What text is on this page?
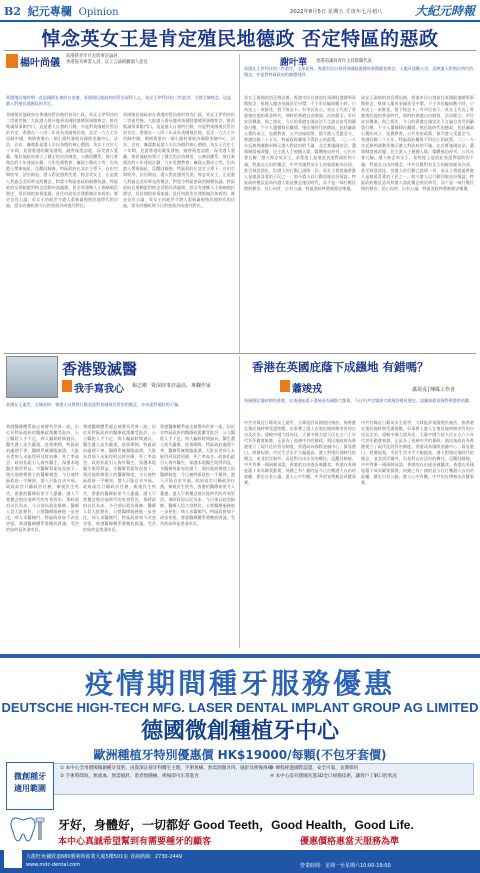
B2 紀元專欄 Opinion	2022年8月5日 星期五 壬寅年七月初八	大紀元時報
悼念英女王是肯定殖民地德政 否定特區的惡政
楊叶尚儀
前港新青年社長時事評論員，
香港報刊專業人員，以上言論純屬個人意見	謝叶華 香港前議員青年主持新聞代表
香港殖民地時期一直是國際社會的自由港，英國殖民地政府的管治深得人心，英女王伊利沙伯二世逝世，引發全城悼念，這是港人對殖民地德政的肯定。
英國殖民地政府在香港的管治被形容為仁政，英女王伊利沙伯二世逝世後，大批港人排長龍到英國駐港總領事館悼念，鮮花堆滿領事館門口，這是港人自發的行動，亦是對英國殖民管治的肯定。香港在一八四二年成為英國殖民地，直至一九九七年回歸中國，期間香港由一個小漁村發展為國際金融中心，法治、自由、廉潔都是港人引以為傲的核心價值。英女王在位七十年間，見證香港的繁榮發展，她曾兩度訪港，深受港人愛戴。殖民地政府建立了健全的法治制度、公務員體系，推行麥理浩的十年建屋計劃、九年免費教育、廉政公署成立等，均為港人帶來福祉。反觀回歸後，特區政府在北京主導下，自由空間收窄，法治倒退，港人對此感到失望。悼念英女王，正是港人對過去美好時光的懷念，對當今特區惡政的無聲抗議。特區政府及建制派對悼念活動冷淡處理，甚至有建制人士指摘殖民歷史，但民間的真情流露，是任何政治宣傳都無法抹殺的。歷史自有公論，英女王的逝世令港人重新審視殖民地時代的功過，當年的德政與今日的惡政形成強烈對比。
英國殖民地政府在香港的管治被形容為仁政，英女王伊利沙伯二世逝世後，大批港人排長龍到英國駐港總領事館悼念，鮮花堆滿領事館門口，這是港人自發的行動，亦是對英國殖民管治的肯定。香港在一八四二年成為英國殖民地，直至一九九七年回歸中國，期間香港由一個小漁村發展為國際金融中心，法治、自由、廉潔都是港人引以為傲的核心價值。英女王在位七十年間，見證香港的繁榮發展，她曾兩度訪港，深受港人愛戴。殖民地政府建立了健全的法治制度、公務員體系，推行麥理浩的十年建屋計劃、九年免費教育、廉政公署成立等，均為港人帶來福祉。反觀回歸後，特區政府在北京主導下，自由空間收窄，法治倒退，港人對此感到失望。悼念英女王，正是港人對過去美好時光的懷念，對當今特區惡政的無聲抗議。特區政府及建制派對悼念活動冷淡處理，甚至有建制人士指摘殖民歷史，但民間的真情流露，是任何政治宣傳都無法抹殺的。歷史自有公論，英女王的逝世令港人重新審視殖民地時代的功過，當年的德政與今日的惡政形成強烈對比。
英國女王伊利沙伯二世逝世，全球哀悼，香港市民自發到英國駐港總領事館獻花悼念，人龍長達數公里，反映港人對殖民時代的懷念，亦是對特區政府的無聲批評。
英女王駕崩的消息傳出後，香港市民自發前往英國駐港總領事館悼念，排隊人龍由金鐘延至中環，不少市民輪候數小時，只為送上一束鮮花，寫下悼念卡。有市民表示，英女王代表了香港殖民地的黃金時代，那時的香港自由開放，法治健全，市民安居樂業。與之相比，今日的香港在國安法下言論自由受到嚴重打壓，不少人選擇移民離開。殖民地時代的德政，包括廉政公署的成立、免費教育、公共房屋政策，都令港人受惠至今。香港回歸二十五年，特區政府屢推不得民心的政策，二〇一九年反修例運動更揭示港人對政府的不滿。北京實施國安法，選舉制度被改變，民主派人士被捕入獄，媒體被迫停刊，公民社會瓦解。港人悼念英女王，某程度上是借此表達對現狀的不滿，對過去自由的懷念。中共官媒對英女王的報道極為冷淡，甚至刻意淡化，但港人的行動已說明一切。英女王曾說過香港人是她最喜愛的子民之一，如今港人以行動回報這份情誼。特區政府應反思為何港人如此懷念殖民時代，而不是一味打壓民間的聲音。民心向背，自有公論，特區惡政終將被歷史唾棄。
英女王駕崩的消息傳出後，香港市民自發前往英國駐港總領事館悼念，排隊人龍由金鐘延至中環，不少市民輪候數小時，只為送上一束鮮花，寫下悼念卡。有市民表示，英女王代表了香港殖民地的黃金時代，那時的香港自由開放，法治健全，市民安居樂業。與之相比，今日的香港在國安法下言論自由受到嚴重打壓，不少人選擇移民離開。殖民地時代的德政，包括廉政公署的成立、免費教育、公共房屋政策，都令港人受惠至今。香港回歸二十五年，特區政府屢推不得民心的政策，二〇一九年反修例運動更揭示港人對政府的不滿。北京實施國安法，選舉制度被改變，民主派人士被捕入獄，媒體被迫停刊，公民社會瓦解。港人悼念英女王，某程度上是借此表達對現狀的不滿，對過去自由的懷念。中共官媒對英女王的報道極為冷淡，甚至刻意淡化，但港人的行動已說明一切。英女王曾說過香港人是她最喜愛的子民之一，如今港人以行動回報這份情誼。特區政府應反思為何港人如此懷念殖民時代，而不是一味打壓民間的聲音。民心向背，自有公論，特區惡政終將被歷史唾棄。
香港毀滅醫
我手寫我心 楊志剛 資深時事評論員、專欄作家
英國女王逝世，全城哀悼，香港人以實際行動表達對英國殖民管治的懷念，亦表達對現狀的不滿。
香港醫療體系過去被譽為世界一流，但近年特區政府的醫療政策屢受批評，公立醫院人手不足，病人輪候時間過長，醫生護士流失嚴重。疫情期間，特區政府處理不善，醫療系統瀕臨崩潰，大批長者病人未能得到及時治療，死亡率高企。政府拒絕引入海外醫生，保護本地醫生既得利益，令醫療質素每況愈下。殖民地時期建立的醫療制度，今日被特區政府一手摧毀，港人只能自求多福。政府高官只顧政治任務，無視民生疾苦，香港的醫療前景令人憂慮。港人不禁懷念殖民地時代的有效管治，那時政府以民為本，今日卻以政治掛帥。醫療人員大批移民，公營醫療服務進一步惡化，病人求醫無門。特區政府如不改弦更張，香港醫療體系將徹底毀滅，受苦的始終是普通市民。
香港醫療體系過去被譽為世界一流，但近年特區政府的醫療政策屢受批評，公立醫院人手不足，病人輪候時間過長，醫生護士流失嚴重。疫情期間，特區政府處理不善，醫療系統瀕臨崩潰，大批長者病人未能得到及時治療，死亡率高企。政府拒絕引入海外醫生，保護本地醫生既得利益，令醫療質素每況愈下。殖民地時期建立的醫療制度，今日被特區政府一手摧毀，港人只能自求多福。政府高官只顧政治任務，無視民生疾苦，香港的醫療前景令人憂慮。港人不禁懷念殖民地時代的有效管治，那時政府以民為本，今日卻以政治掛帥。醫療人員大批移民，公營醫療服務進一步惡化，病人求醫無門。特區政府如不改弦更張，香港醫療體系將徹底毀滅，受苦的始終是普通市民。
香港醫療體系過去被譽為世界一流，但近年特區政府的醫療政策屢受批評，公立醫院人手不足，病人輪候時間過長，醫生護士流失嚴重。疫情期間，特區政府處理不善，醫療系統瀕臨崩潰，大批長者病人未能得到及時治療，死亡率高企。政府拒絕引入海外醫生，保護本地醫生既得利益，令醫療質素每況愈下。殖民地時期建立的醫療制度，今日被特區政府一手摧毀，港人只能自求多福。政府高官只顧政治任務，無視民生疾苦，香港的醫療前景令人憂慮。港人不禁懷念殖民地時代的有效管治，那時政府以民為本，今日卻以政治掛帥。醫療人員大批移民，公營醫療服務進一步惡化，病人求醫無門。特區政府如不改弦更張，香港醫療體系將徹底毀滅，受苦的始終是普通市民。
香港在英國庇蔭下成繦地 有錯嗎？
蕭竣戎	蕭竣戎│傳媒工作者
英國殖民地時期的香港，在英國庇蔭下發展成為國際大都會，今日中共官媒卻大肆批評殖民歷史，試圖抹殺英國對香港的貢獻。
中共官媒近日藉英女王逝世，大肆批評英國殖民統治，指香港在殖民地時期受盡欺壓，但事實上港人在殖民地時期享有的自由及法治，遠較中國大陸為佳。大量中國大陸人民在五六十年代冒死偷渡來港，正是為了逃避中共的暴政。殖民地政府為香港建立了現代化的管治制度，香港成為國際金融中心、貿易港口，經濟起飛，市民生活水平大幅提高。港人對殖民地時代的懷念，並非崇洋媚外，而是對自由法治的嚮往。反觀回歸後，中共背棄一國兩制承諾，香港的自由逐步被蠶食。香港在英國庇蔭下成為繁榮都會，何錯之有？錯的是今日打壓港人自由的政權。歷史自有公論，港人心中有數，中共的宣傳無法改變事實。
中共官媒近日藉英女王逝世，大肆批評英國殖民統治，指香港在殖民地時期受盡欺壓，但事實上港人在殖民地時期享有的自由及法治，遠較中國大陸為佳。大量中國大陸人民在五六十年代冒死偷渡來港，正是為了逃避中共的暴政。殖民地政府為香港建立了現代化的管治制度，香港成為國際金融中心、貿易港口，經濟起飛，市民生活水平大幅提高。港人對殖民地時代的懷念，並非崇洋媚外，而是對自由法治的嚮往。反觀回歸後，中共背棄一國兩制承諾，香港的自由逐步被蠶食。香港在英國庇蔭下成為繁榮都會，何錯之有？錯的是今日打壓港人自由的政權。歷史自有公論，港人心中有數，中共的宣傳無法改變事實。
疫情期間種牙服務優惠
DEUTSCHE HIGH-TECH MFG. LASER DENTAL IMPLANT GROUP AG LIMITED
德國微創種植牙中心
歐洲種植牙特別優惠價 HK$19000/每顆(不包牙套價)
微創種牙
適用範圍
① 本中心全用德國微創種牙技術，由資深註冊牙科醫生主理，手術無痛，無需割開牙肉，縫針及術後疼痛
② 手術時間短、無流血、無需縫針、患者無腫痛，術後即可正常進食
③ 療程經過國際認證，安全可靠，長期保用
④ 本中心設有德國先進3D全口掃描技術，讓客戶了解口腔狀況
牙好，身體好，一切都好 Good Teeth，Good Health，Good Life.
本中心真誠希望幫到有需要種牙的顧客	優惠價格惠當天服務為準
九龍旺角彌敦道680號利時商業大廈5樓501室 查詢熱線：2730-2449
www.mdc-dental.com	營業時間：星期一至星期六10:00-19:00
